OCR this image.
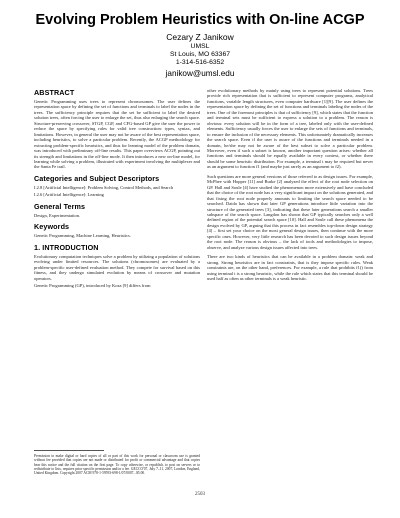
Evolving Problem Heuristics with On-line ACGP
Cezary Z Janikow
UMSL
St Louis, MO 63367
1-314-516-6352
janikow@umsl.edu
ABSTRACT

Genetic Programming uses trees to represent chromosomes. The user defines the representation space by defining the set of functions and terminals to label the nodes in the trees. The sufficiency principle requires that the set be sufficient to label the desired solution trees, often forcing the user to enlarge the set, thus also enlarging the search space. Structure-preserving crossover, STGP, CGP, and CFG-based GP give the user the power to reduce the space by specifying rules for valid tree construction: types, syntax, and limitations. However, in general the user may not be aware of the best representation space, including heuristics, to solve a particular problem. Recently, the ACGP methodology for extracting problem-specific heuristics, and thus for learning model of the problem domain, was introduced with preliminary off-line results. This paper overviews ACGP, pointing out its strength and limitations in the off-line mode. It then introduces a new on-line model, for learning while solving a problem, illustrated with experiment involving the multiplexer and the Santa Fe trail.

Categories and Subject Descriptors

I.2.8 [Artificial Intelligence]: Problem Solving, Control Methods, and Search

I.2.6 [Artificial Intelligence]: Learning

General Terms

Design, Experimentation.

Keywords

Genetic Programming, Machine Learning, Heuristics.

1. INTRODUCTION

Evolutionary computation techniques solve a problem by utilizing a population of solutions evolving under limited resources. The solutions (chromosomes) are evaluated by a problem-specific user-defined evaluation method. They compete for survival based on this fitness, and they undergo simulated evolution by means of crossover and mutation operators.

Genetic Programming (GP), introduced by Koza [9] differs from

Permission to make digital or hard copies of all or part of this work for personal or classroom use is granted without fee provided that copies are not made or distributed for profit or commercial advantage and that copies bear this notice and the full citation on the first page. To copy otherwise, or republish, to post on servers or to redistribute to lists, requires prior specific permission and/or a fee. GECCO'07, July 7–11, 2007, London, England, United Kingdom. Copyright 2007 ACM 978-1-59593-698-1/07/0007...$5.00.

other evolutionary methods by mainly using trees to represent potential solutions. Trees provide rich representation that is sufficient to represent computer programs, analytical functions, variable length structures, even computer hardware [1][9]. The user defines the representation space by defining the set of functions and terminals labeling the nodes of the trees. One of the foremost principles is that of sufficiency [9], which states that the function and terminal sets must be sufficient to express a solution to a problem. The reason is obvious: every solution will be in the form of a tree, labeled only with the user-defined elements. Sufficiency usually forces the user to enlarge the sets of functions and terminals, to ensure the inclusion of the necessary elements. This unfortunately dramatically increases the search space. Even if the user is aware of the functions and terminals needed in a domain, he/she may not be aware of the best subset to solve a particular problem. Moreover, even if such a subset is known, another important question arises: whether all functions and terminals should be equally available in every context, or whether there should be some heuristic distribution. For example, a terminal t may be required but never as an argument to function f1 (and maybe just rarely as an argument to f2).

Such questions are more general versions of those referred to as design issues. For example, McPhee with Hopper [11] and Burke [2] analyzed the effect of the root node selection on GP. Hall and Soule [4] have studied the phenomenon more extensively and have concluded that the choice of the root node has a very significant impact on the solutions generated, and that fixing the root node properly amounts to limiting the search space needed to be searched. Daida has shown that later GP generations introduce little variation into the structure of the generated trees [3], indicating that these later generations search a smaller subspace of the search space. Langdon has shown that GP typically searches only a well defined region of the potential search space [10]. Hall and Soule call these phenomena the design evolved by GP, arguing that this process in fact resembles top-down design strategy [4] – first set your choice on the most general design issues, then continue with the more specific ones. However, very little research has been devoted to such design issues beyond the root node. The reason is obvious – the lack of tools and methodologies to impose, observe, and analyze various design issues affected into trees.

There are two kinds of heuristics that can be available in a problem domain: weak and strong. Strong heuristics are in fact constraints, that is they impose specific rules. Weak constraints are, on the other hand, preferences. For example, a rule that prohibits f1() from using terminal t is a strong heuristic, while the rule which states that this terminal should be used half as often as other terminals is a weak heuristic.

2503
